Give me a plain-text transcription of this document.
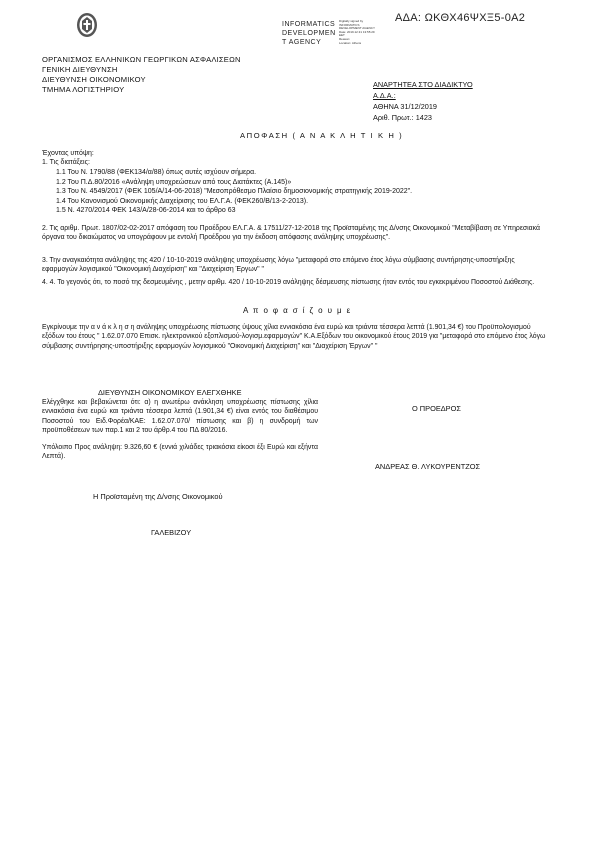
ΑΔΑ: ΩΚΘΧ46ΨΧΞ5-0Α2
INFORMATICS
DEVELOPMEN
T AGENCY
Digitally signed by
INFORMATICS
DEVELOPMENT AGENCY
Date: 2019.12.31 13:55:29
EET
Reason:
Location: Athens
ΟΡΓΑΝΙΣΜΟΣ ΕΛΛΗΝΙΚΩΝ ΓΕΩΡΓΙΚΩΝ ΑΣΦΑΛΙΣΕΩΝ
ΓΕΝΙΚΗ ΔΙΕΥΘΥΝΣΗ
ΔΙΕΥΘΥΝΣΗ ΟΙΚΟΝΟΜΙΚΟΥ
ΤΜΗΜΑ ΛΟΓΙΣΤΗΡΙΟΥ
ΑΝΑΡΤΗΤΕΑ ΣΤΟ ΔΙΑΔΙΚΤΥΟ
Α.Δ.Α.:
ΑΘΗΝΑ 31/12/2019
Αριθ. Πρωτ.: 1423
ΑΠΟΦΑΣΗ ( Α Ν Α Κ Λ Η Τ Ι Κ Η )
Έχοντας υπόψη:
1. Τις διατάξεις:
1.1 Του Ν. 1790/88 (ΦΕΚ134/α/88) όπως αυτές ισχύουν σήμερα.
1.2 Του Π.Δ.80/2016 «Ανάληψη υποχρεώσεων από τους Διατάκτες (Α.145)»
1.3 Του Ν. 4549/2017 (ΦΕΚ 105/Α/14-06-2018) "Μεσοπρόθεσμο Πλαίσιο δημοσιονομικής στρατηγικής 2019-2022".
1.4 Του Κανονισμού Οικονομικής Διαχείρισης του ΕΛ.Γ.Α. (ΦΕΚ260/Β/13-2-2013).
1.5 Ν. 4270/2014 ΦΕΚ 143/Α/28-06-2014 και το άρθρο 63
2. Τις αριθμ. Πρωτ. 1807/02-02-2017 απόφαση του Προέδρου ΕΛ.Γ.Α. & 17511/27-12-2018 της Προϊσταμένης της Δ/νσης Οικονομικού "Μεταβίβαση σε Υπηρεσιακά όργανα του δικαιώματος να υπογράφουν με εντολή Προέδρου για την έκδοση απόφασης ανάληψης υποχρέωσης".
3. Την αναγκαιότητα ανάληψης της 420 / 10-10-2019 ανάληψης υποχρέωσης λόγω "μεταφορά στο επόμενο έτος λόγω σύμβασης συντήρησης-υποστήριξης εφαρμογών λογισμικού "Οικονομική Διαχείριση" και "Διαχείριση Έργων" "
4. 4. Το γεγονός ότι, το ποσό της δεσμευμένης , μετην αριθμ. 420 / 10-10-2019 ανάληψης δέσμευσης πίστωσης ήταν εντός του εγκεκριμένου Ποσοστού Διάθεσης.
Α π ο φ α σ ί ζ ο υ μ ε
Εγκρίνουμε την α ν ά κ λ η σ η ανάληψης υποχρέωσης πίστωσης ύψους χίλια εννιακόσια ένα ευρώ και τριάντα τέσσερα λεπτά (1.901,34 €) του Προϋπολογισμού εξόδων του έτους " 1.62.07.070 Επισκ. ηλεκτρονικού εξοπλισμού-λογισμ.εφαρμογών" Κ.Α.Εξόδων του οικονομικού έτους 2019 για "μεταφορά στο επόμενο έτος λόγω σύμβασης συντήρησης-υποστήριξης εφαρμογών λογισμικού "Οικονομική Διαχείριση" και "Διαχείριση Έργων" "
ΔΙΕΥΘΥΝΣΗ ΟΙΚΟΝΟΜΙΚΟΥ ΕΛΕΓΧΘΗΚΕ
Ελέγχθηκε και βεβαιώνεται ότι: α) η ανωτέρω ανάκληση υποχρέωσης πίστωσης χίλια εννιακόσια ένα ευρώ και τριάντα τέσσερα λεπτά (1.901,34 €) είναι εντός του διαθέσιμου Ποσοστού του Ειδ.Φορέα/ΚΑΕ: 1.62.07.070/ πίστωσης και β) η συνδρομή των προϋποθέσεων των παρ.1 και 2 του άρθρ.4 του ΠΔ 80/2016.
Υπόλοιπο Προς ανάληψη: 9.326,60 € (εννιά χιλιάδες τριακόσια είκοσι έξι Ευρώ και εξήντα Λεπτά).
Ο ΠΡΟΕΔΡΟΣ
ΑΝΔΡΕΑΣ Θ. ΛΥΚΟΥΡΕΝΤΖΟΣ
Η Προϊσταμένη της Δ/νσης Οικονομικού
ΓΑΛΕΒΙΖΟΥ
